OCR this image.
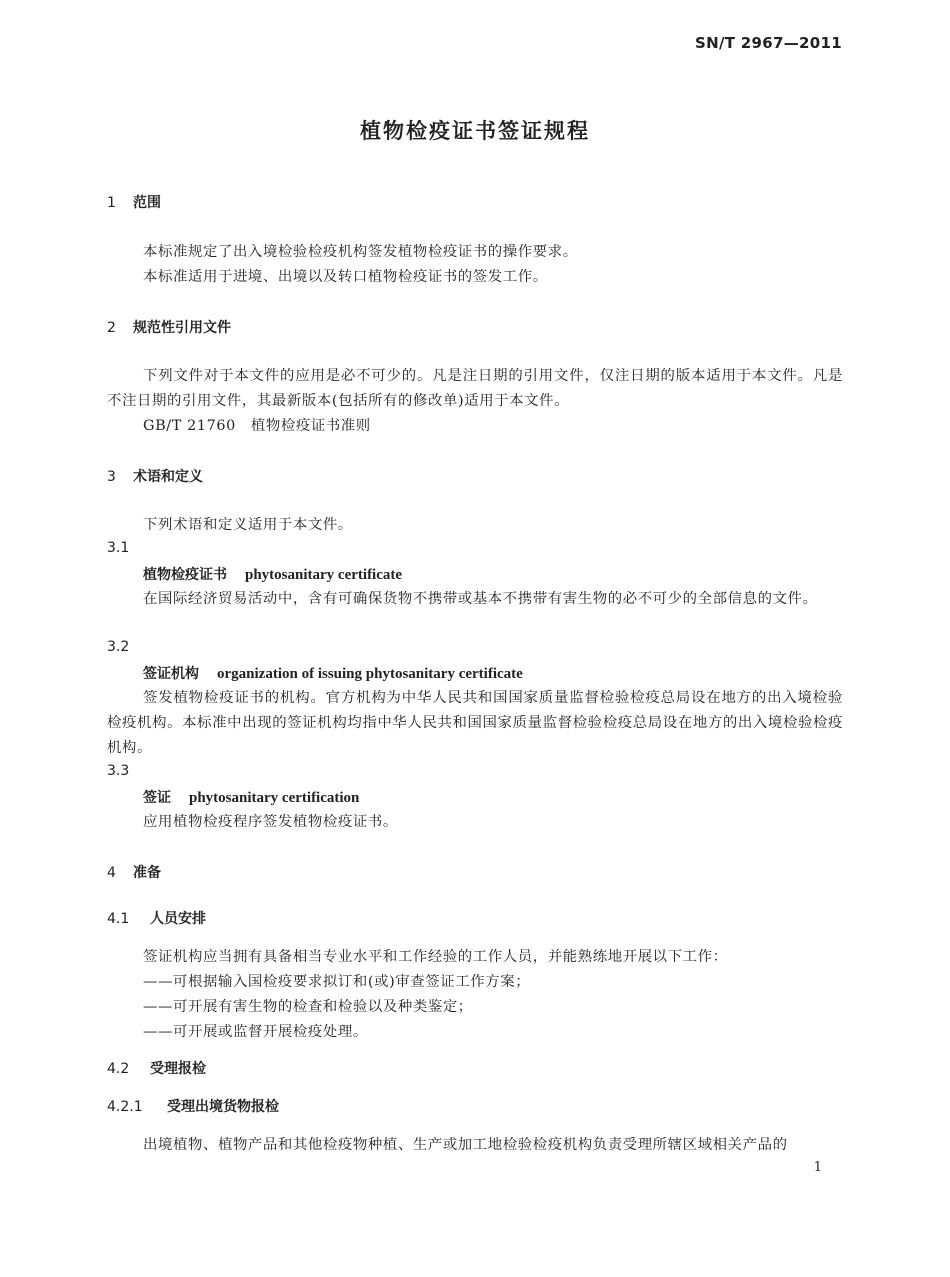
SN/T 2967—2011
植物检疫证书签证规程
1 范围
本标准规定了出入境检验检疫机构签发植物检疫证书的操作要求。
本标准适用于进境、出境以及转口植物检疫证书的签发工作。
2 规范性引用文件
下列文件对于本文件的应用是必不可少的。凡是注日期的引用文件，仅注日期的版本适用于本文件。凡是不注日期的引用文件，其最新版本(包括所有的修改单)适用于本文件。
GB/T 21760　植物检疫证书准则
3 术语和定义
下列术语和定义适用于本文件。
3.1
植物检疫证书 phytosanitary certificate
在国际经济贸易活动中，含有可确保货物不携带或基本不携带有害生物的必不可少的全部信息的文件。
3.2
签证机构 organization of issuing phytosanitary certificate
签发植物检疫证书的机构。官方机构为中华人民共和国国家质量监督检验检疫总局设在地方的出入境检验检疫机构。本标准中出现的签证机构均指中华人民共和国国家质量监督检验检疫总局设在地方的出入境检验检疫机构。
3.3
签证 phytosanitary certification
应用植物检疫程序签发植物检疫证书。
4 准备
4.1 人员安排
签证机构应当拥有具备相当专业水平和工作经验的工作人员，并能熟练地开展以下工作：
——可根据输入国检疫要求拟订和(或)审查签证工作方案；
——可开展有害生物的检查和检验以及种类鉴定；
——可开展或监督开展检疫处理。
4.2 受理报检
4.2.1 受理出境货物报检
出境植物、植物产品和其他检疫物种植、生产或加工地检验检疫机构负责受理所辖区域相关产品的
1
